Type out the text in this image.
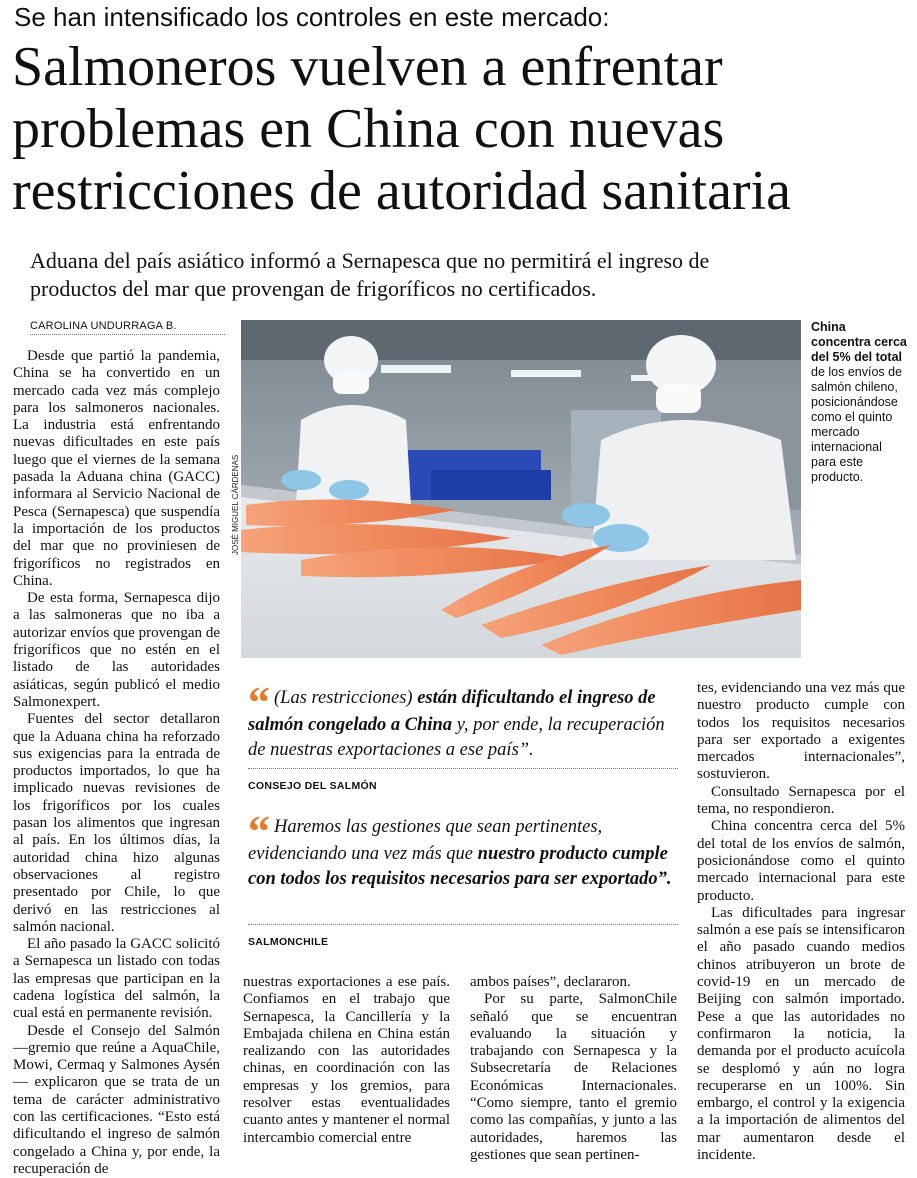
Se han intensificado los controles en este mercado:
Salmoneros vuelven a enfrentar
problemas en China con nuevas
restricciones de autoridad sanitaria
Aduana del país asiático informó a Sernapesca que no permitirá el ingreso de
productos del mar que provengan de frigoríficos no certificados.
CAROLINA UNDURRAGA B.

Desde que partió la pandemia, China se ha convertido en un mercado cada vez más complejo para los salmoneros nacionales. La industria está enfrentando nuevas dificultades en este país luego que el viernes de la semana pasada la Aduana china (GACC) informara al Servicio Nacional de Pesca (Sernapesca) que suspendía la importación de los productos del mar que no proviniesen de frigoríficos no registrados en China.

De esta forma, Sernapesca dijo a las salmoneras que no iba a autorizar envíos que provengan de frigoríficos que no estén en el listado de las autoridades asiáticas, según publicó el medio Salmonexpert.

Fuentes del sector detallaron que la Aduana china ha reforzado sus exigencias para la entrada de productos importados, lo que ha implicado nuevas revisiones de los frigoríficos por los cuales pasan los alimentos que ingresan al país. En los últimos días, la autoridad china hizo algunas observaciones al registro presentado por Chile, lo que derivó en las restricciones al salmón nacional.

El año pasado la GACC solicitó a Sernapesca un listado con todas las empresas que participan en la cadena logística del salmón, la cual está en permanente revisión.

Desde el Consejo del Salmón —gremio que reúne a AquaChile, Mowi, Cermaq y Salmones Aysén— explicaron que se trata de un tema de carácter administrativo con las certificaciones. “Esto está dificultando el ingreso de salmón congelado a China y, por ende, la recuperación de

JOSÉ MIGUEL CÁRDENAS
China concentra cerca del 5% del total de los envíos de salmón chileno, posicionándose como el quinto mercado internacional para este producto.
“ (Las restricciones) están dificultando el ingreso de salmón congelado a China y, por ende, la recuperación de nuestras exportaciones a ese país”.
CONSEJO DEL SALMÓN
“ Haremos las gestiones que sean pertinentes, evidenciando una vez más que nuestro producto cumple con todos los requisitos necesarios para ser exportado”.
SALMONCHILE

nuestras exportaciones a ese país. Confiamos en el trabajo que Sernapesca, la Cancillería y la Embajada chilena en China están realizando con las autoridades chinas, en coordinación con las empresas y los gremios, para resolver estas eventualidades cuanto antes y mantener el normal intercambio comercial entre

ambos países”, declararon.

Por su parte, SalmonChile señaló que se encuentran evaluando la situación y trabajando con Sernapesca y la Subsecretaría de Relaciones Económicas Internacionales. “Como siempre, tanto el gremio como las compañías, y junto a las autoridades, haremos las gestiones que sean pertinen-

tes, evidenciando una vez más que nuestro producto cumple con todos los requisitos necesarios para ser exportado a exigentes mercados internacionales”, sostuvieron.

Consultado Sernapesca por el tema, no respondieron.

China concentra cerca del 5% del total de los envíos de salmón, posicionándose como el quinto mercado internacional para este producto.

Las dificultades para ingresar salmón a ese país se intensificaron el año pasado cuando medios chinos atribuyeron un brote de covid-19 en un mercado de Beijing con salmón importado. Pese a que las autoridades no confirmaron la noticia, la demanda por el producto acuícola se desplomó y aún no logra recuperarse en un 100%. Sin embargo, el control y la exigencia a la importación de alimentos del mar aumentaron desde el incidente.
